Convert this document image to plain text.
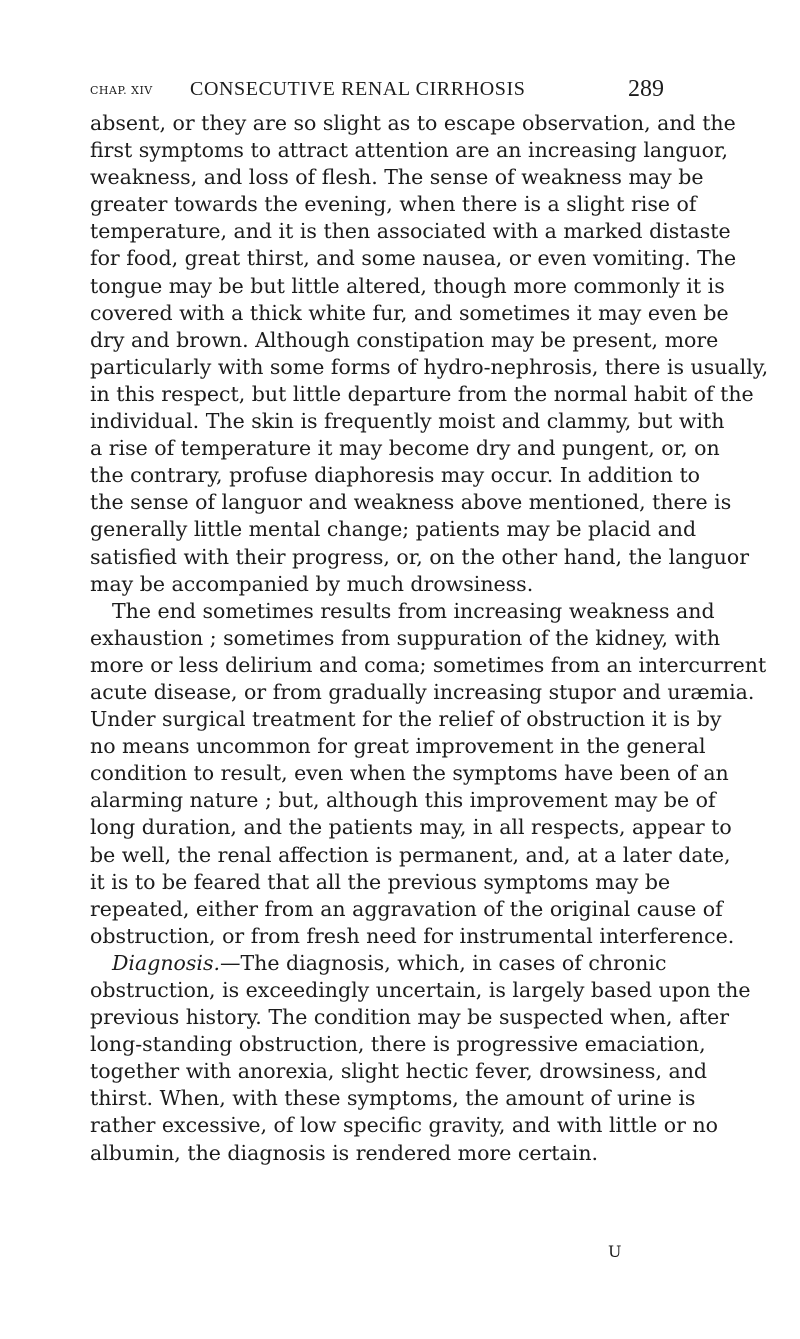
CHAP. XIV CONSECUTIVE RENAL CIRRHOSIS	289
absent, or they are so slight as to escape observation, and the
first symptoms to attract attention are an increasing languor,
weakness, and loss of flesh. The sense of weakness may be
greater towards the evening, when there is a slight rise of
temperature, and it is then associated with a marked distaste
for food, great thirst, and some nausea, or even vomiting. The
tongue may be but little altered, though more commonly it is
covered with a thick white fur, and sometimes it may even be
dry and brown. Although constipation may be present, more
particularly with some forms of hydro-nephrosis, there is usually,
in this respect, but little departure from the normal habit of the
individual. The skin is frequently moist and clammy, but with
a rise of temperature it may become dry and pungent, or, on
the contrary, profuse diaphoresis may occur. In addition to
the sense of languor and weakness above mentioned, there is
generally little mental change; patients may be placid and
satisfied with their progress, or, on the other hand, the languor
may be accompanied by much drowsiness.
The end sometimes results from increasing weakness and
exhaustion ; sometimes from suppuration of the kidney, with
more or less delirium and coma; sometimes from an intercurrent
acute disease, or from gradually increasing stupor and uræmia.
Under surgical treatment for the relief of obstruction it is by
no means uncommon for great improvement in the general
condition to result, even when the symptoms have been of an
alarming nature ; but, although this improvement may be of
long duration, and the patients may, in all respects, appear to
be well, the renal affection is permanent, and, at a later date,
it is to be feared that all the previous symptoms may be
repeated, either from an aggravation of the original cause of
obstruction, or from fresh need for instrumental interference.
Diagnosis.—The diagnosis, which, in cases of chronic
obstruction, is exceedingly uncertain, is largely based upon the
previous history. The condition may be suspected when, after
long-standing obstruction, there is progressive emaciation,
together with anorexia, slight hectic fever, drowsiness, and
thirst. When, with these symptoms, the amount of urine is
rather excessive, of low specific gravity, and with little or no
albumin, the diagnosis is rendered more certain.
U
